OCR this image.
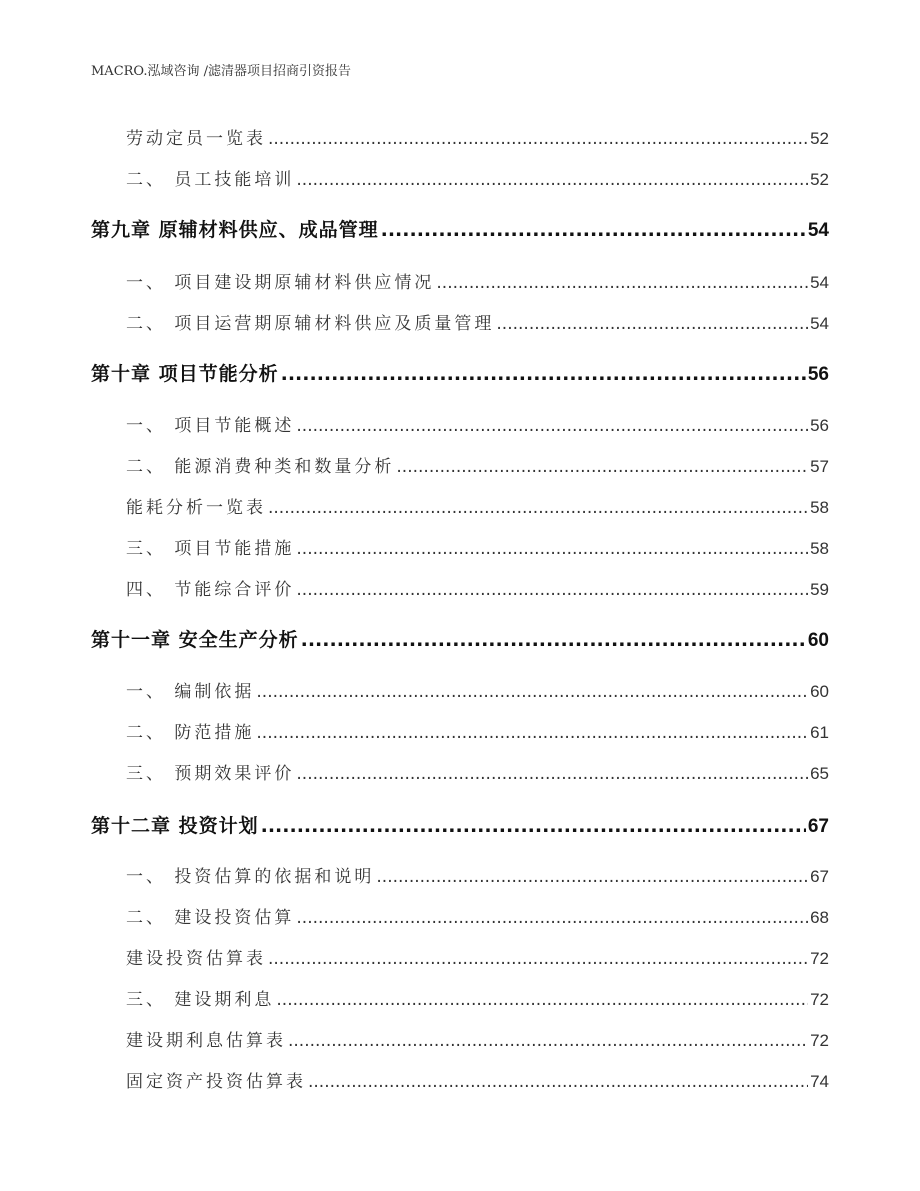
MACRO.泓域咨询 /滤清器项目招商引资报告
劳动定员一览表 .....	52
二、 员工技能培训 .....	52
第九章 原辅材料供应、成品管理 .....	54
一、 项目建设期原辅材料供应情况 .....	54
二、 项目运营期原辅材料供应及质量管理 .....	54
第十章 项目节能分析 .....	56
一、 项目节能概述 .....	56
二、 能源消费种类和数量分析 .....	57
能耗分析一览表 .....	58
三、 项目节能措施 .....	58
四、 节能综合评价 .....	59
第十一章 安全生产分析 .....	60
一、 编制依据 .....	60
二、 防范措施 .....	61
三、 预期效果评价 .....	65
第十二章 投资计划 .....	67
一、 投资估算的依据和说明 .....	67
二、 建设投资估算 .....	68
建设投资估算表 .....	72
三、 建设期利息 .....	72
建设期利息估算表 .....	72
固定资产投资估算表 .....	74
